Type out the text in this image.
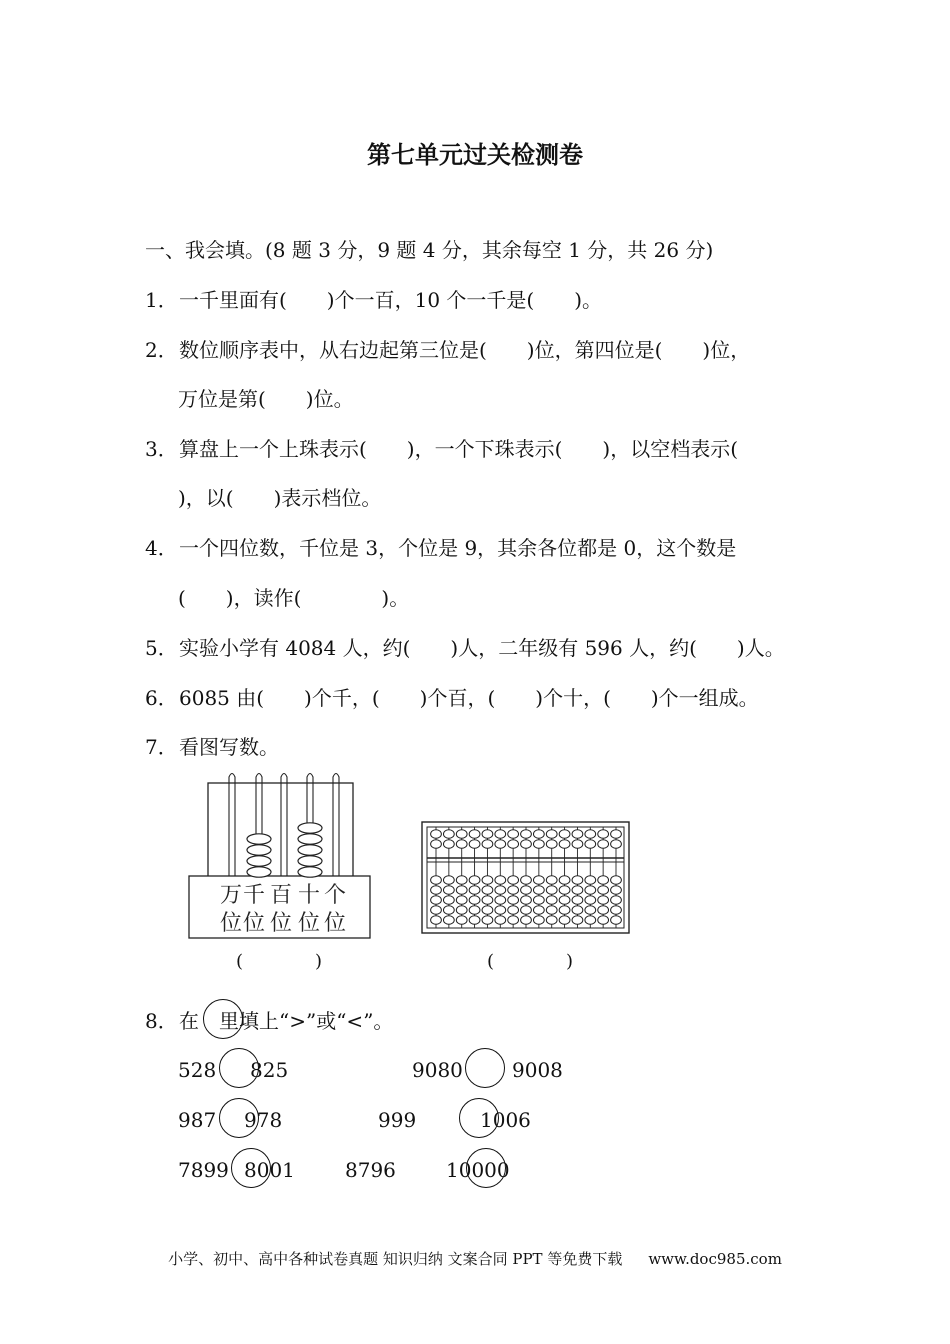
第七单元过关检测卷
一、我会填。(8 题 3 分，9 题 4 分，其余每空 1 分，共 26 分)
1．一千里面有(　　)个一百，10 个一千是(　　)。
2．数位顺序表中，从右边起第三位是(　　)位，第四位是(　　)位，
万位是第(　　)位。
3．算盘上一个上珠表示(　　)，一个下珠表示(　　)，以空档表示(
)，以(　　)表示档位。
4．一个四位数，千位是 3，个位是 9，其余各位都是 0，这个数是
(　　)，读作(　　　　)。
5．实验小学有 4084 人，约(　　)人，二年级有 596 人，约(　　)人。
6．6085 由(　　)个千，(　　)个百，(　　)个十，(　　)个一组成。
7．看图写数。
万 千 百 十 个
位 位 位 位 位
(　　　　)	(　　　　)
8．在　里填上“>”或“<”。
528 825	9080 9008
987 978	999	1006
7899 8001	8796	10000
小学、初中、高中各种试卷真题 知识归纳 文案合同 PPT 等免费下载 www.doc985.com
